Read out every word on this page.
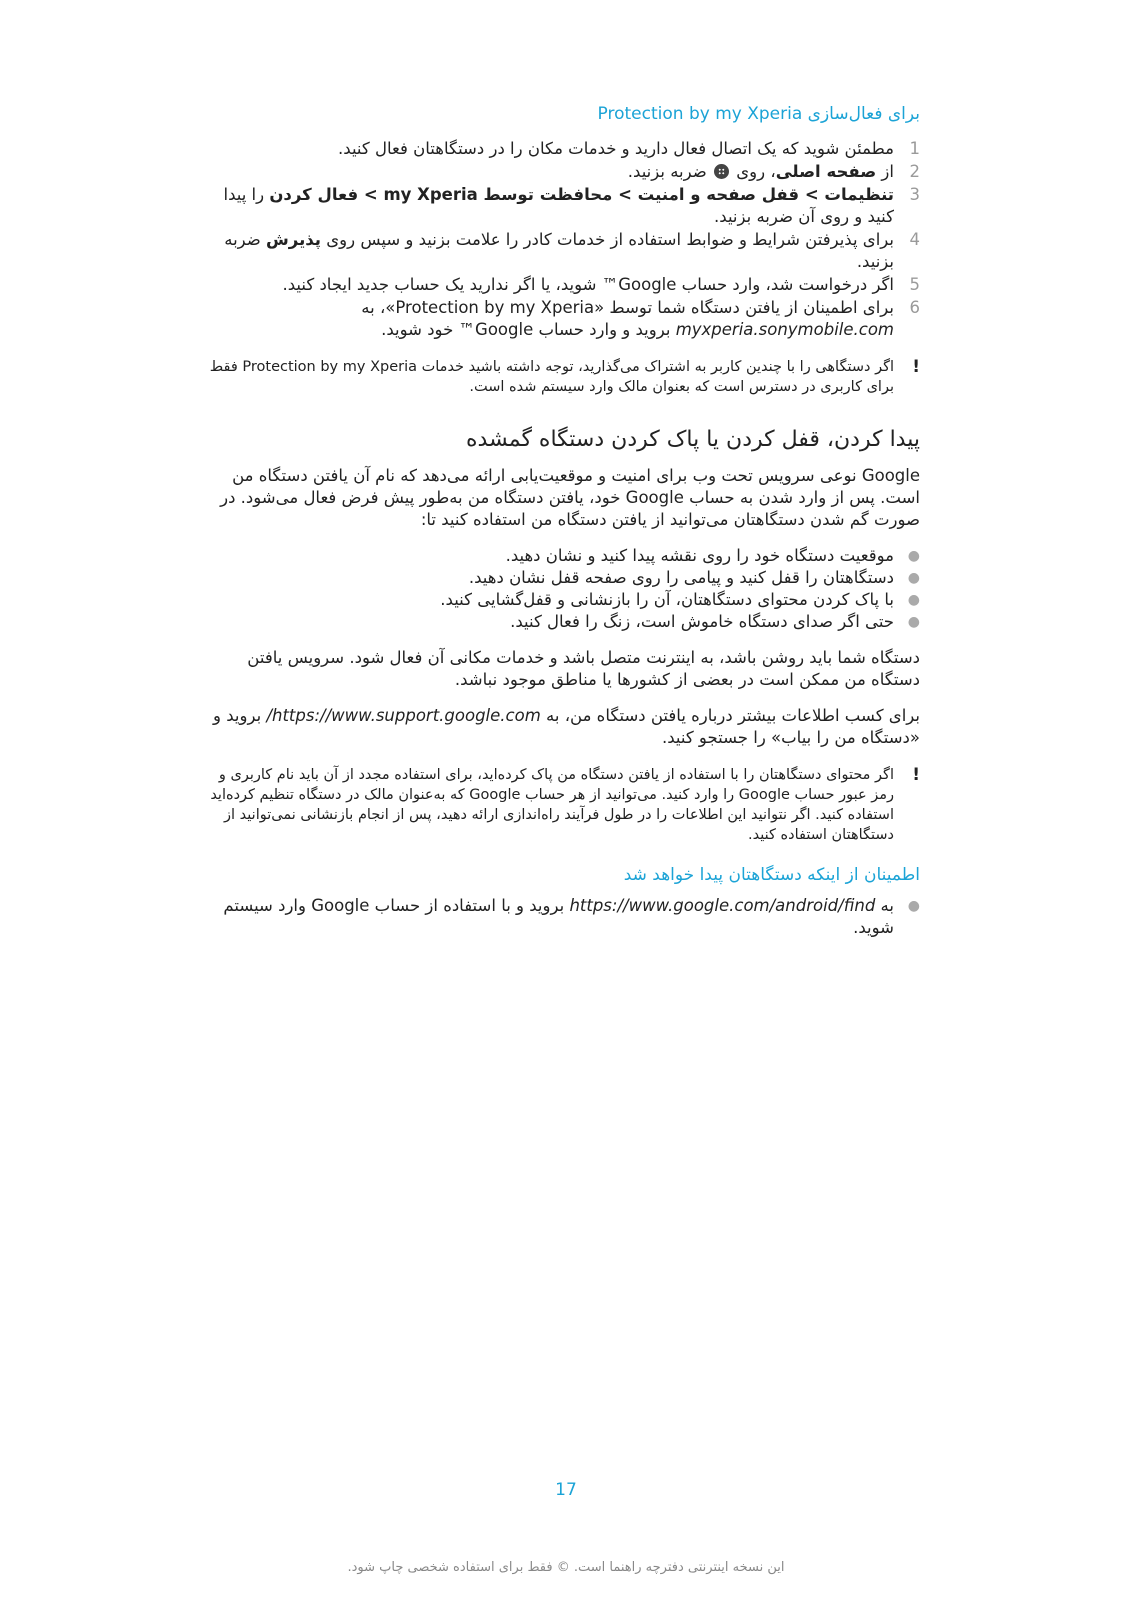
برای فعال‌سازی Protection by my Xperia
1
مطمئن شوید که یک اتصال فعال دارید و خدمات مکان را در دستگاهتان فعال کنید.
2
از صفحه اصلی، روی  ضربه بزنید.
3
تنظیمات > قفل صفحه و امنیت > محافظت توسط my Xperia > فعال کردن را پیدا کنید و روی آن ضربه بزنید.
4
برای پذیرفتن شرایط و ضوابط استفاده از خدمات کادر را علامت بزنید و سپس روی پذیرش ضربه بزنید.
5
اگر درخواست شد، وارد حساب Google™ شوید، یا اگر ندارید یک حساب جدید ایجاد کنید.
6
برای اطمینان از یافتن دستگاه شما توسط «Protection by my Xperia»، به myxperia.sonymobile.com بروید و وارد حساب Google™ خود شوید.
!
اگر دستگاهی را با چندین کاربر به اشتراک می‌گذارید، توجه داشته باشید خدمات Protection by my Xperia فقط برای کاربری در دسترس است که بعنوان مالک وارد سیستم شده است.
پیدا کردن، قفل کردن یا پاک کردن دستگاه گمشده

Google نوعی سرویس تحت وب برای امنیت و موقعیت‌یابی ارائه می‌دهد که نام آن یافتن دستگاه من است. پس از وارد شدن به حساب Google خود، یافتن دستگاه من به‌طور پیش فرض فعال می‌شود. در صورت گم شدن دستگاهتان می‌توانید از یافتن دستگاه من استفاده کنید تا:

●
موقعیت دستگاه خود را روی نقشه پیدا کنید و نشان دهید.
●
دستگاهتان را قفل کنید و پیامی را روی صفحه قفل نشان دهید.
●
با پاک کردن محتوای دستگاهتان، آن را بازنشانی و قفل‌گشایی کنید.
●
حتی اگر صدای دستگاه خاموش است، زنگ را فعال کنید.

دستگاه شما باید روشن باشد، به اینترنت متصل باشد و خدمات مکانی آن فعال شود. سرویس یافتن دستگاه من ممکن است در بعضی از کشورها یا مناطق موجود نباشد.

برای کسب اطلاعات بیشتر درباره یافتن دستگاه من، به https://www.support.google.com/ بروید و «دستگاه من را بیاب» را جستجو کنید.

!
اگر محتوای دستگاهتان را با استفاده از یافتن دستگاه من پاک کرده‌اید، برای استفاده مجدد از آن باید نام کاربری و رمز عبور حساب Google را وارد کنید. می‌توانید از هر حساب Google که به‌عنوان مالک در دستگاه تنظیم کرده‌اید استفاده کنید. اگر نتوانید این اطلاعات را در طول فرآیند راه‌اندازی ارائه دهید، پس از انجام بازنشانی نمی‌توانید از دستگاهتان استفاده کنید.
اطمینان از اینکه دستگاهتان پیدا خواهد شد
●
به https://www.google.com/android/find بروید و با استفاده از حساب Google وارد سیستم شوید.
17
این نسخه اینترنتی دفترچه راهنما است. © فقط برای استفاده شخصی چاپ شود.
